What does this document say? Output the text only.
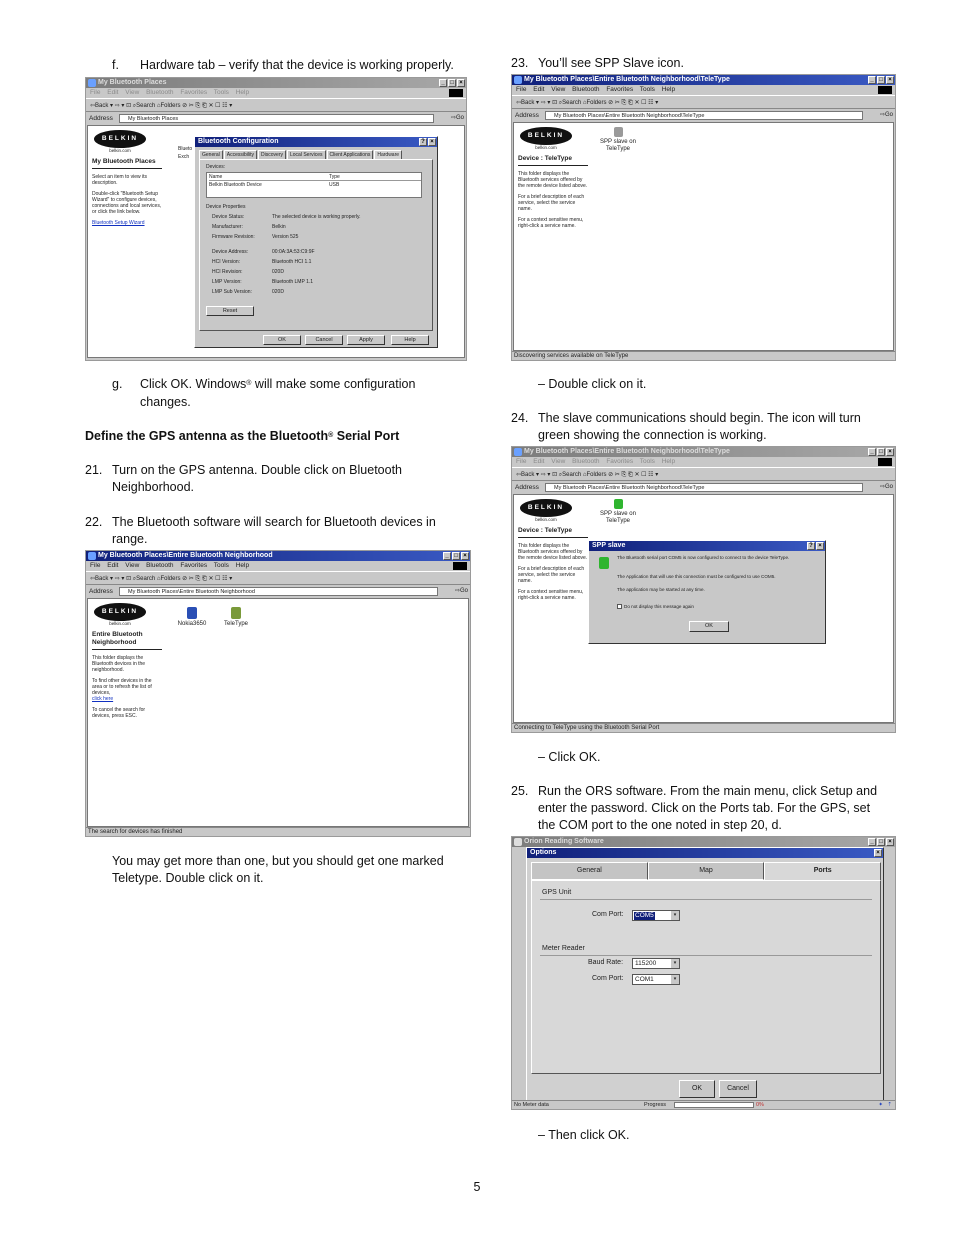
f. Hardware tab – verify that the device is working properly.
My Bluetooth Places	_ □ ×
File Edit View Bluetooth Favorites Tools Help
⇦Back ▾ ⇨ ▾ ⊡ ⌕Search ⌂Folders ⊘ ✂ ⎘ ⎗ ✕ ☐ ☷ ▾
Address	My Bluetooth Places	⇨Go
BELKIN
belkin.com
My Bluetooth Places

Select an item to view its description.

Double-click "Bluetooth Setup Wizard" to configure devices, connections and local services, or click the link below.

Bluetooth Setup Wizard

Blueto
Exch
Bluetooth Configuration	? ×
General	Accessibility	Discovery	Local Services	Client Applications	Hardware
Devices:
Name	Type
Belkin Bluetooth Device	USB
Device Properties
Device Status:	The selected device is working properly.
Manufacturer:	Belkin
Firmware Revision:	Version 525
Device Address:	00:0A:3A:53:C9:9F
HCI Version:	Bluetooth HCI 1.1
HCI Revision:	020D
LMP Version:	Bluetooth LMP 1.1
LMP Sub Version:	020D
Reset
OK	Cancel	Apply	Help
g. Click OK. Windows® will make some configuration
changes.
Define the GPS antenna as the Bluetooth® Serial Port
21. Turn on the GPS antenna. Double click on Bluetooth
Neighborhood.
22. The Bluetooth software will search for Bluetooth devices in
range.
My Bluetooth Places\Entire Bluetooth Neighborhood	_ □ ×
File Edit View Bluetooth Favorites Tools Help
⇦Back ▾ ⇨ ▾ ⊡ ⌕Search ⌂Folders ⊘ ✂ ⎘ ⎗ ✕ ☐ ☷ ▾
Address	My Bluetooth Places\Entire Bluetooth Neighborhood	⇨Go
BELKIN
belkin.com
Entire Bluetooth Neighborhood

This folder displays the Bluetooth devices in the neighborhood.

To find other devices in the area or to refresh the list of devices,

click here

To cancel the search for devices, press ESC.

Nokia3650	TeleType
The search for devices has finished
You may get more than one, but you should get one marked
Teletype. Double click on it.
23. You’ll see SPP Slave icon.
My Bluetooth Places\Entire Bluetooth Neighborhood\TeleType	_ □ ×
File Edit View Bluetooth Favorites Tools Help
⇦Back ▾ ⇨ ▾ ⊡ ⌕Search ⌂Folders ⊘ ✂ ⎘ ⎗ ✕ ☐ ☷ ▾
Address	My Bluetooth Places\Entire Bluetooth Neighborhood\TeleType	⇨Go
BELKIN
belkin.com
Device : TeleType

This folder displays the Bluetooth services offered by the remote device listed above.

For a brief description of each service, select the service name.

For a context sensitive menu, right-click a service name.

SPP slave on TeleType
Discovering services available on TeleType
– Double click on it.
24. The slave communications should begin. The icon will turn
green showing the connection is working.
My Bluetooth Places\Entire Bluetooth Neighborhood\TeleType	_ □ ×
File Edit View Bluetooth Favorites Tools Help
⇦Back ▾ ⇨ ▾ ⊡ ⌕Search ⌂Folders ⊘ ✂ ⎘ ⎗ ✕ ☐ ☷ ▾
Address	My Bluetooth Places\Entire Bluetooth Neighborhood\TeleType	⇨Go
BELKIN
belkin.com
Device : TeleType

This folder displays the Bluetooth services offered by the remote device listed above.

For a brief description of each service, select the service name.

For a context sensitive menu, right-click a service name.

SPP slave on TeleType
SPP slave	? ×
The Bluetooth serial port COM5 is now configured to connect to the device TeleType.
The Application that will use this connection must be configured to use COM5.
The application may be started at any time.
Do not display this message again
OK
Connecting to TeleType using the Bluetooth Serial Port
– Click OK.
25. Run the ORS software. From the main menu, click Setup and
enter the password. Click on the Ports tab. For the GPS, set
the COM port to the one noted in step 20, d.
Orion Reading Software	_ □ ×
Options	×
General	Map	Ports
GPS Unit
Com Port: COM5	▾
Meter Reader
Baud Rate: 115200	▾
Com Port: COM1	▾
OK	Cancel
No Meter data	Progress	0%	✦ ⇡
– Then click OK.
5
